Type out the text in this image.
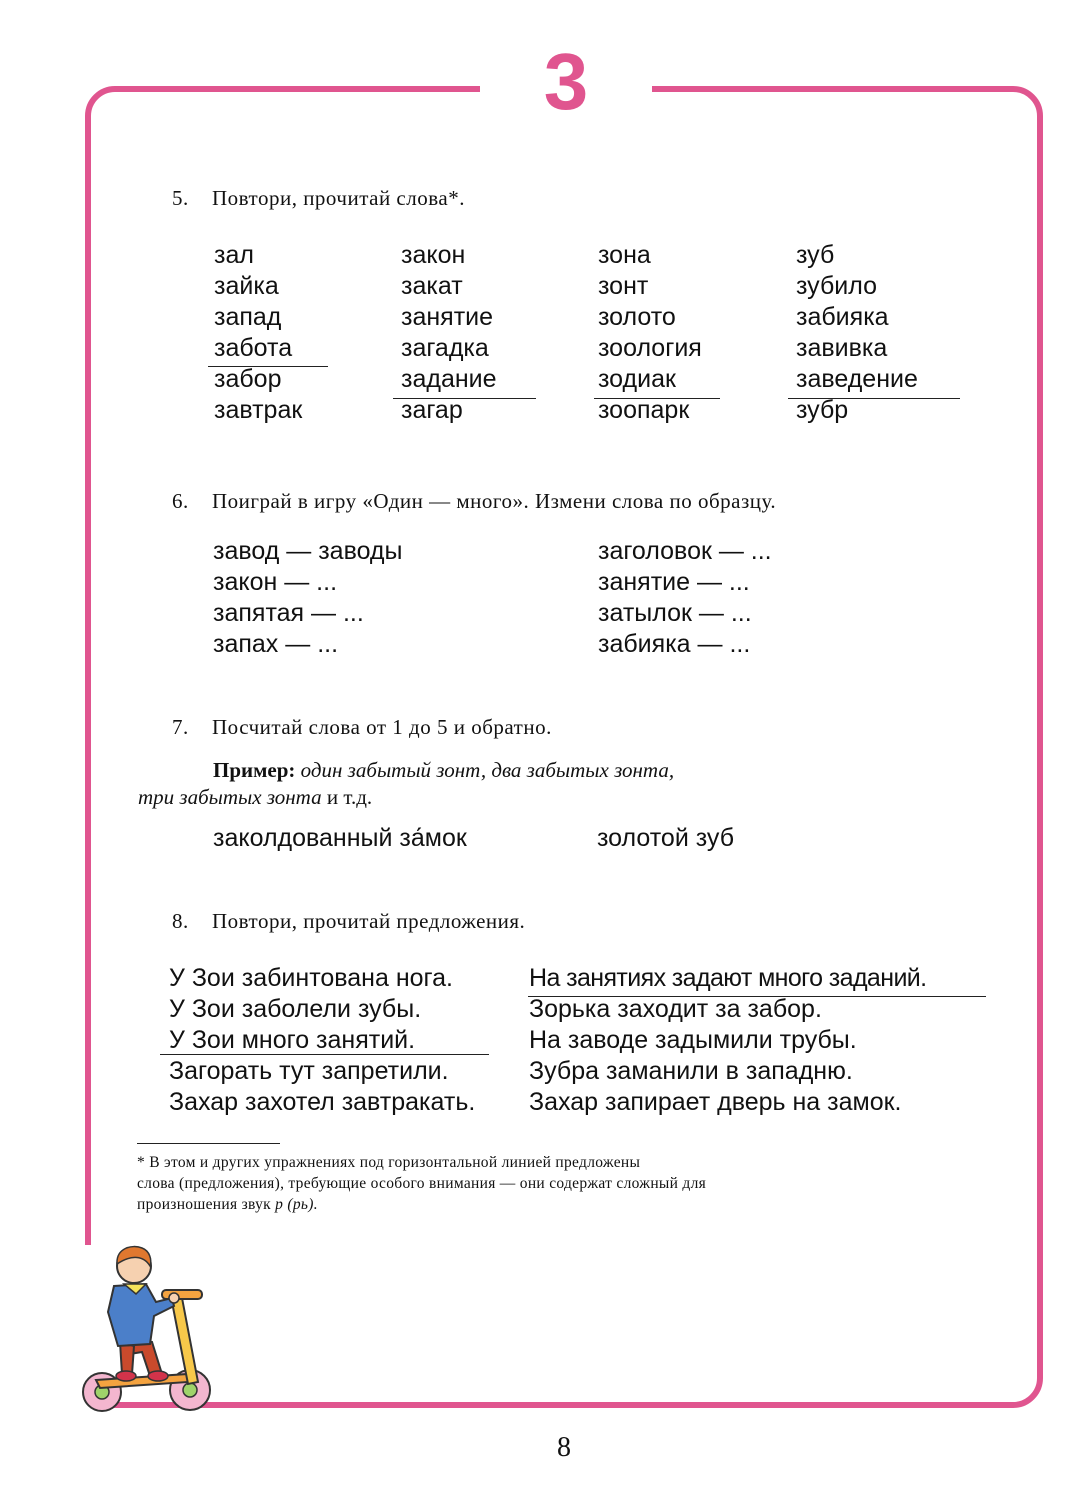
3
5. Повтори, прочитай слова*.
зал
зайка
запад
забота
забор
завтрак
закон
закат
занятие
загадка
задание
загар
зона
зонт
золото
зоология
зодиак
зоопарк
зуб
зубило
забияка
завивка
заведение
зубр
6. Поиграй в игру «Один — много». Измени слова по образцу.
завод — заводы
закон — ...
запятая — ...
запах — ...
заголовок — ...
занятие — ...
затылок — ...
забияка — ...
7. Посчитай слова от 1 до 5 и обратно.
Пример: один забытый зонт, два забытых зонта,
три забытых зонта и т.д.
заколдованный за́мок	золотой зуб
8. Повтори, прочитай предложения.
У Зои забинтована нога.
У Зои заболели зубы.
У Зои много занятий.
Загорать тут запретили.
Захар захотел завтракать.
На занятиях задают много заданий.
Зорька заходит за забор.
На заводе задымили трубы.
Зубра заманили в западню.
Захар запирает дверь на замок.
* В этом и других упражнениях под горизонтальной линией предложены
слова (предложения), требующие особого внимания — они содержат сложный для
произношения звук р (рь).
8
